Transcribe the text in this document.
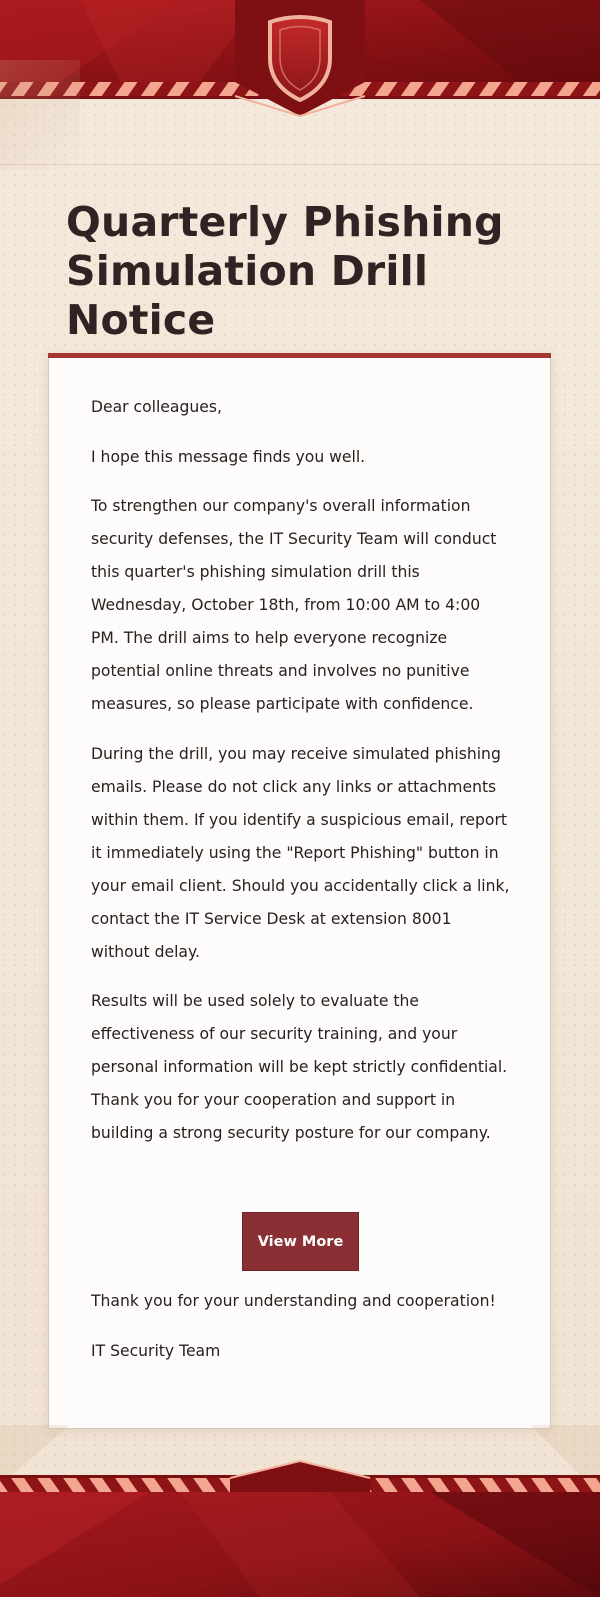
Quarterly Phishing Simulation Drill Notice

Dear colleagues,

I hope this message finds you well.

To strengthen our company's overall information security defenses, the IT Security Team will conduct this quarter's phishing simulation drill this Wednesday, October 18th, from 10:00 AM to 4:00 PM. The drill aims to help everyone recognize potential online threats and involves no punitive measures, so please participate with confidence.

During the drill, you may receive simulated phishing emails. Please do not click any links or attachments within them. If you identify a suspicious email, report it immediately using the "Report Phishing" button in your email client. Should you accidentally click a link, contact the IT Service Desk at extension 8001 without delay.

Results will be used solely to evaluate the effectiveness of our security training, and your personal information will be kept strictly confidential. Thank you for your cooperation and support in building a strong security posture for our company.

View More

Thank you for your understanding and cooperation!

IT Security Team
